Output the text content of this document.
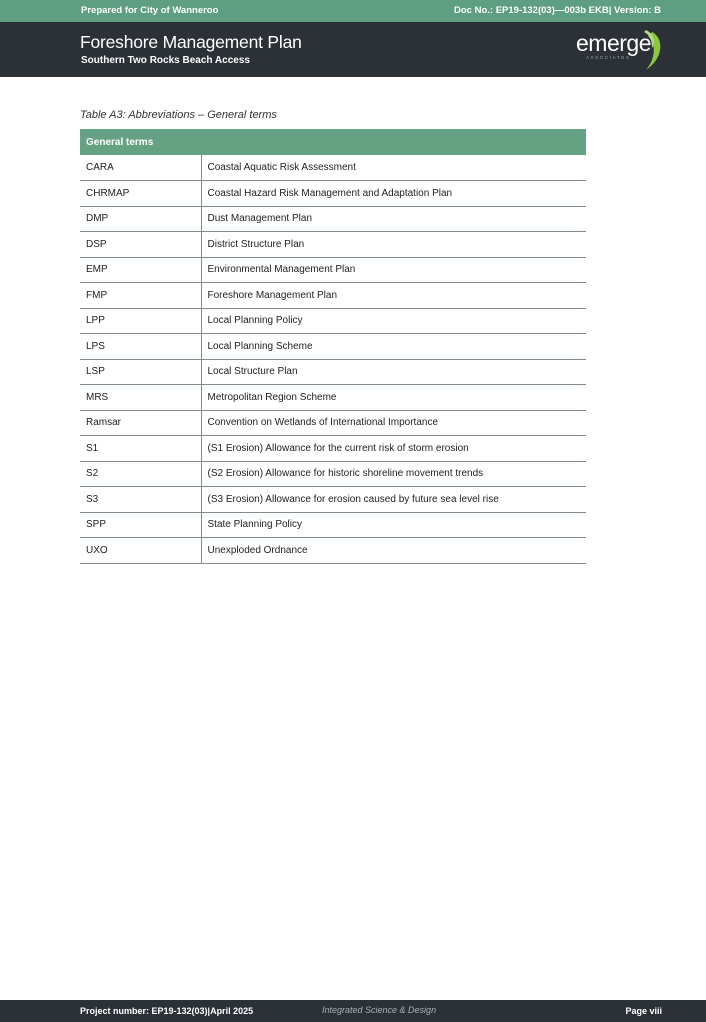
Prepared for City of Wanneroo	Doc No.: EP19-132(03)—003b EKB| Version: B
Foreshore Management Plan
Southern Two Rocks Beach Access
emerge
ASSOCIATES
Table A3: Abbreviations – General terms
General terms	
CARA	Coastal Aquatic Risk Assessment
CHRMAP	Coastal Hazard Risk Management and Adaptation Plan
DMP	Dust Management Plan
DSP	District Structure Plan
EMP	Environmental Management Plan
FMP	Foreshore Management Plan
LPP	Local Planning Policy
LPS	Local Planning Scheme
LSP	Local Structure Plan
MRS	Metropolitan Region Scheme
Ramsar	Convention on Wetlands of International Importance
S1	(S1 Erosion) Allowance for the current risk of storm erosion
S2	(S2 Erosion) Allowance for historic shoreline movement trends
S3	(S3 Erosion) Allowance for erosion caused by future sea level rise
SPP	State Planning Policy
UXO	Unexploded Ordnance
Project number: EP19-132(03)|April 2025	Integrated Science & Design	Page viii
